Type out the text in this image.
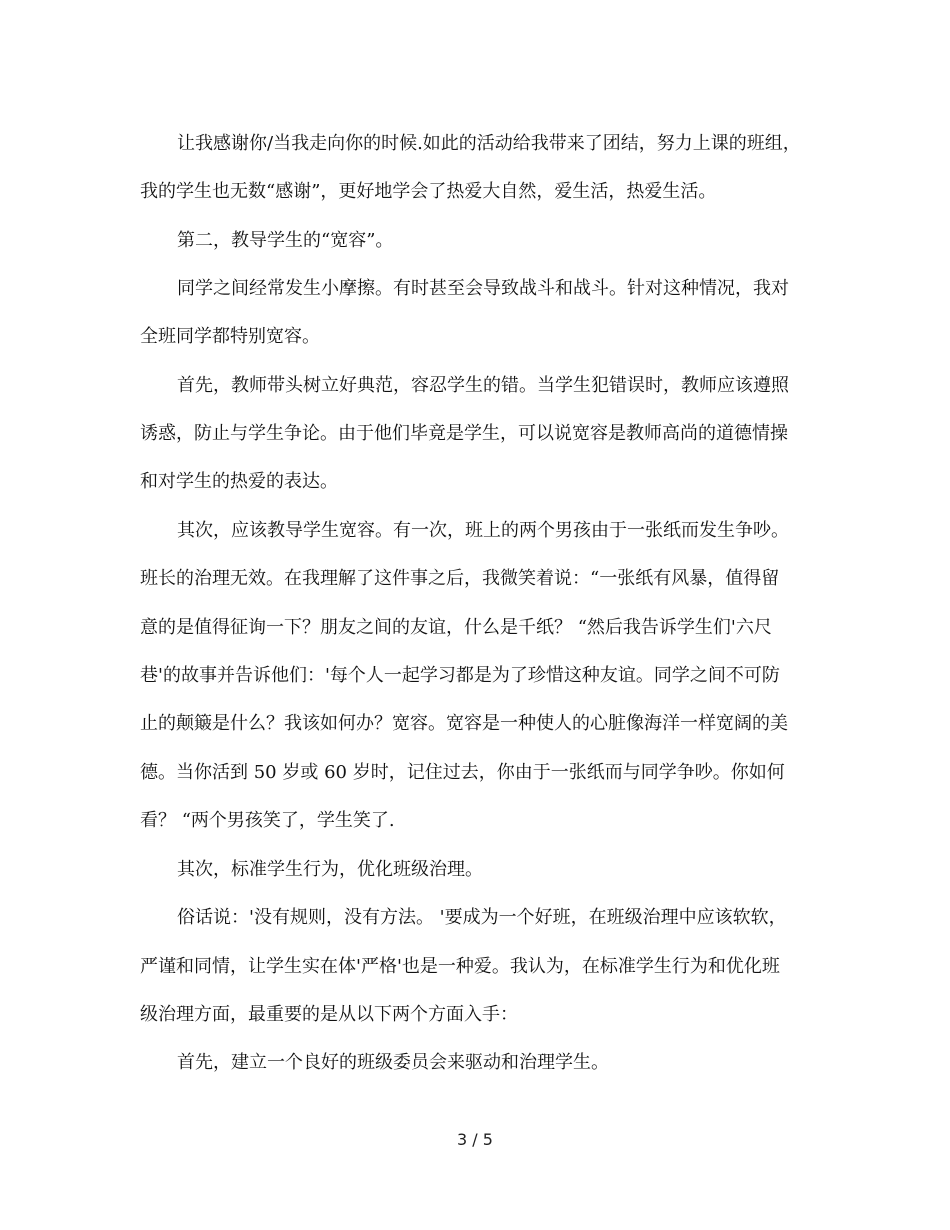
让我感谢你/当我走向你的时候.如此的活动给我带来了团结，努力上课的班组，
我的学生也无数“感谢”，更好地学会了热爱大自然，爱生活，热爱生活。
第二，教导学生的“宽容”。
同学之间经常发生小摩擦。有时甚至会导致战斗和战斗。针对这种情况，我对
全班同学都特别宽容。
首先，教师带头树立好典范，容忍学生的错。当学生犯错误时，教师应该遵照
诱惑，防止与学生争论。由于他们毕竟是学生，可以说宽容是教师高尚的道德情操
和对学生的热爱的表达。
其次，应该教导学生宽容。有一次，班上的两个男孩由于一张纸而发生争吵。
班长的治理无效。在我理解了这件事之后，我微笑着说：“一张纸有风暴，值得留
意的是值得征询一下？朋友之间的友谊，什么是千纸？ “然后我告诉学生们'六尺
巷'的故事并告诉他们：'每个人一起学习都是为了珍惜这种友谊。同学之间不可防
止的颠簸是什么？我该如何办？宽容。宽容是一种使人的心脏像海洋一样宽阔的美
德。当你活到 50 岁或 60 岁时，记住过去，你由于一张纸而与同学争吵。你如何
看？ “两个男孩笑了，学生笑了.
其次，标准学生行为，优化班级治理。
俗话说：'没有规则，没有方法。 '要成为一个好班，在班级治理中应该软软，
严谨和同情，让学生实在体'严格'也是一种爱。我认为，在标准学生行为和优化班
级治理方面，最重要的是从以下两个方面入手：
首先，建立一个良好的班级委员会来驱动和治理学生。
3 / 5
